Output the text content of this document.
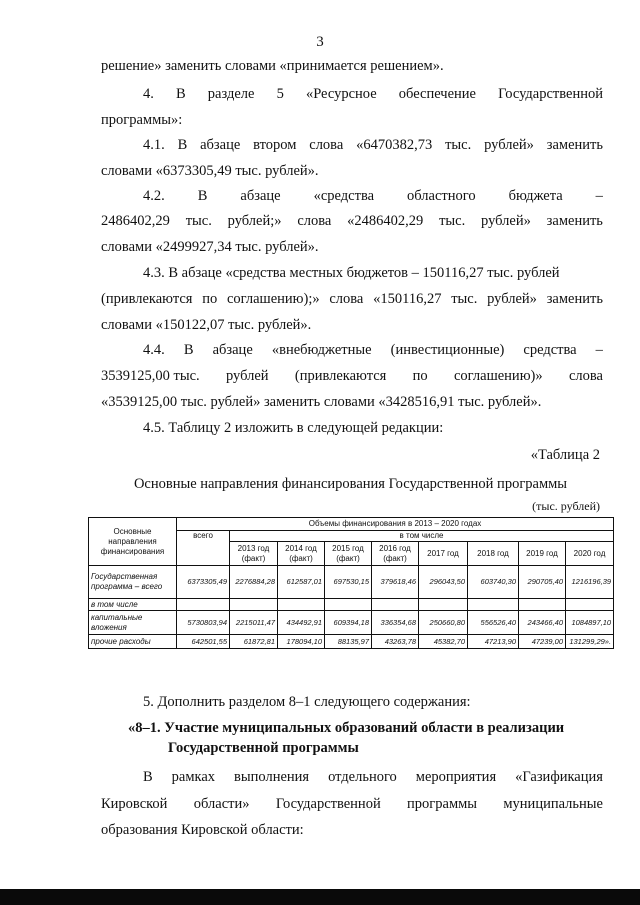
3
решение» заменить словами «принимается решением».
4. В разделе 5 «Ресурсное обеспечение Государственной
программы»:
4.1. В абзаце втором слова «6470382,73 тыс. рублей» заменить
словами «6373305,49 тыс. рублей».
4.2. В абзаце «средства областного бюджета –
2486402,29 тыс. рублей;» слова «2486402,29 тыс. рублей» заменить
словами «2499927,34 тыс. рублей».
4.3. В абзаце «средства местных бюджетов – 150116,27 тыс. рублей
(привлекаются по соглашению);» слова «150116,27 тыс. рублей» заменить
словами «150122,07 тыс. рублей».
4.4. В абзаце «внебюджетные (инвестиционные) средства –
3539125,00 тыс. рублей (привлекаются по соглашению)» слова
«3539125,00 тыс. рублей» заменить словами «3428516,91 тыс. рублей».
4.5. Таблицу 2 изложить в следующей редакции:
«Таблица 2
Основные направления финансирования Государственной программы
(тыс. рублей)
Основные направления финансирования	Объемы финансирования в 2013 – 2020 годах								
	всего	в том числе							
		2013 год (факт)	2014 год (факт)	2015 год (факт)	2016 год (факт)	2017 год	2018 год	2019 год	2020 год
Государственная программа – всего	6373305,49	2276884,28	612587,01	697530,15	379618,46	296043,50	603740,30	290705,40	1216196,39
в том числе									
капитальные вложения	5730803,94	2215011,47	434492,91	609394,18	336354,68	250660,80	556526,40	243466,40	1084897,10
прочие расходы	642501,55	61872,81	178094,10	88135,97	43263,78	45382,70	47213,90	47239,00	131299,29».
5. Дополнить разделом 8–1 следующего содержания:
«8–1. Участие муниципальных образований области в реализации
Государственной программы
В рамках выполнения отдельного мероприятия «Газификация
Кировской области» Государственной программы муниципальные
образования Кировской области:
